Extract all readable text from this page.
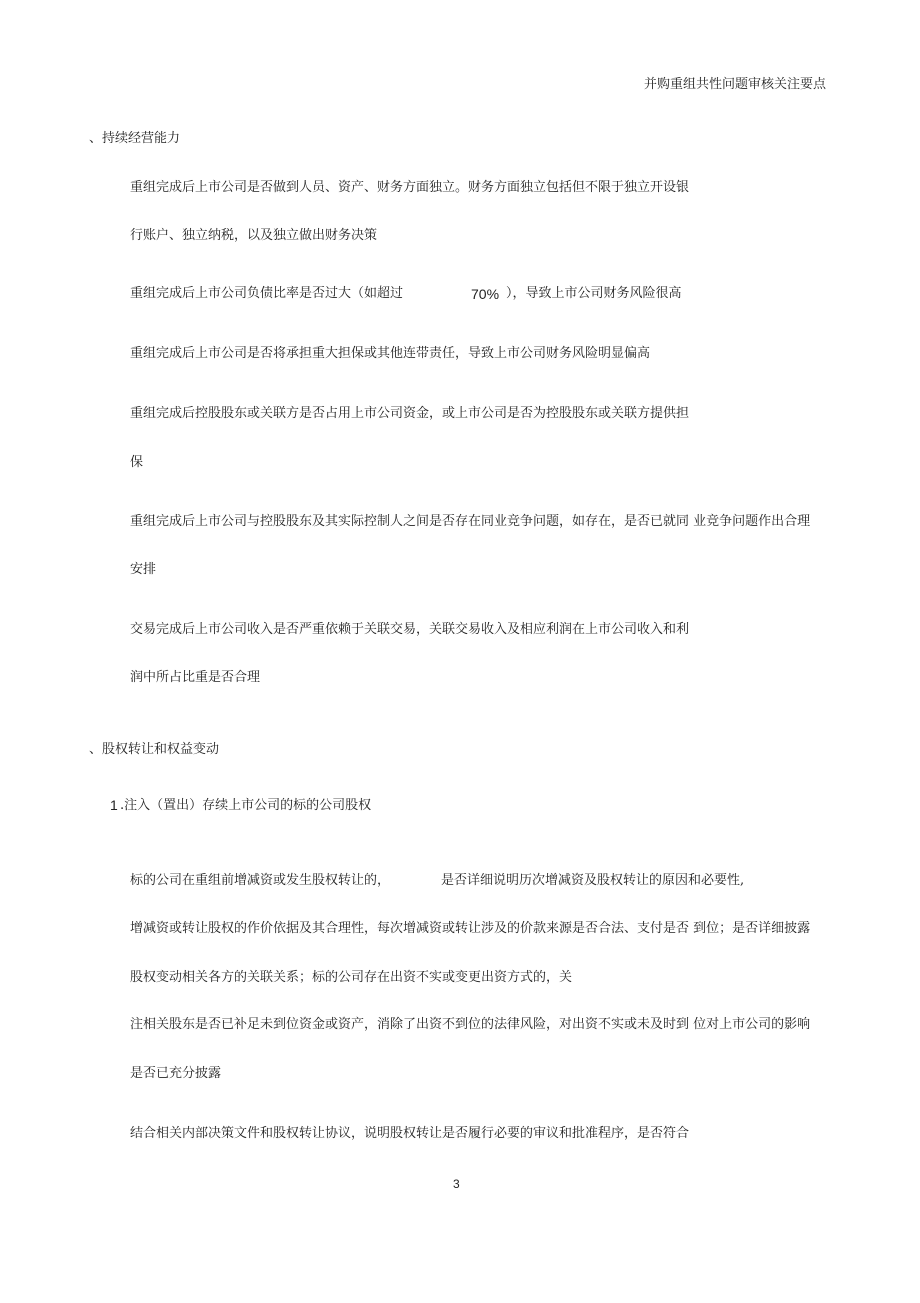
并购重组共性问题审核关注要点
、持续经营能力
重组完成后上市公司是否做到人员、资产、财务方面独立。财务方面独立包括但不限于独立开设银
行账户、独立纳税，以及独立做出财务决策
重组完成后上市公司负债比率是否过大（如超过	70% ），导致上市公司财务风险很高
重组完成后上市公司是否将承担重大担保或其他连带责任，导致上市公司财务风险明显偏高
重组完成后控股股东或关联方是否占用上市公司资金，或上市公司是否为控股股东或关联方提供担
保
重组完成后上市公司与控股股东及其实际控制人之间是否存在同业竞争问题，如存在，是否已就同 业竞争问题作出合理
安排
交易完成后上市公司收入是否严重依赖于关联交易，关联交易收入及相应利润在上市公司收入和利
润中所占比重是否合理
、股权转让和权益变动
1 .注入（置出）存续上市公司的标的公司股权
标的公司在重组前增减资或发生股权转让的，	是否详细说明历次增减资及股权转让的原因和必要性,
增减资或转让股权的作价依据及其合理性，每次增减资或转让涉及的价款来源是否合法、支付是否 到位；是否详细披露
股权变动相关各方的关联关系；标的公司存在出资不实或变更出资方式的，关
注相关股东是否已补足未到位资金或资产，消除了出资不到位的法律风险，对出资不实或未及时到 位对上市公司的影响
是否已充分披露
结合相关内部决策文件和股权转让协议，说明股权转让是否履行必要的审议和批准程序，是否符合
3
